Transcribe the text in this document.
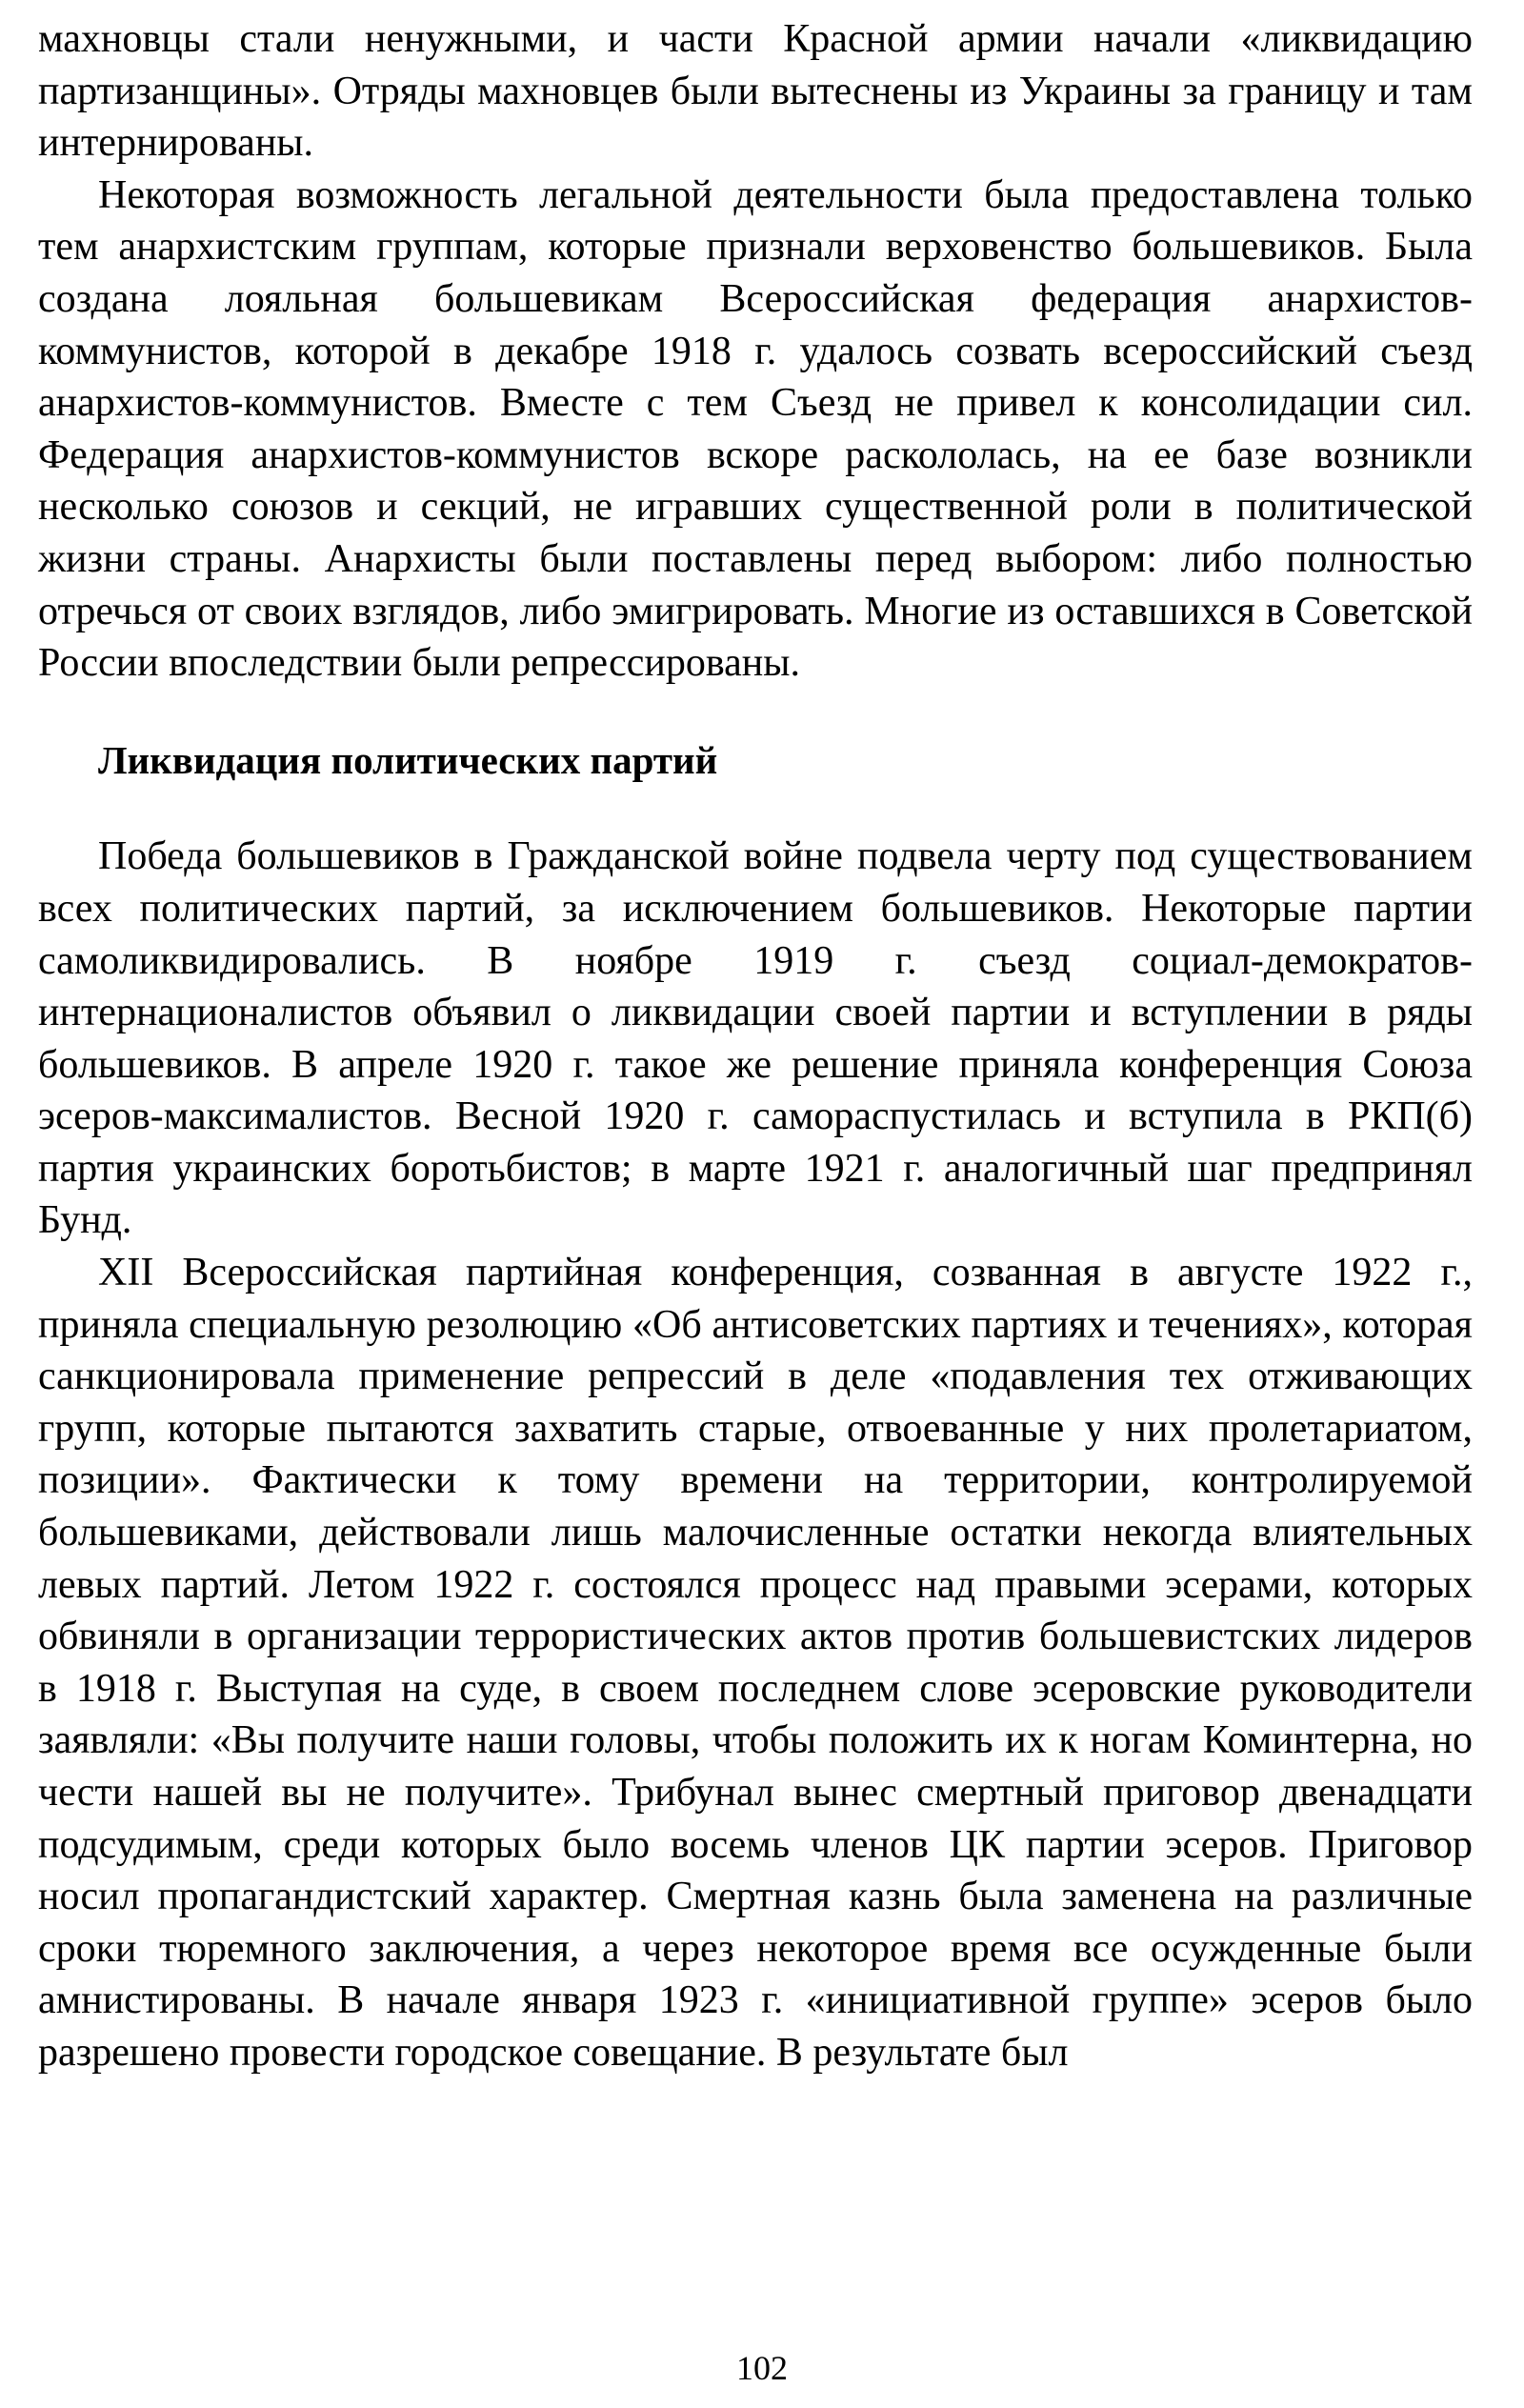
махновцы стали ненужными, и части Красной армии начали «ликвидацию партизанщины». Отряды махновцев были вытеснены из Украины за границу и там интернированы.

Некоторая возможность легальной деятельности была предоставлена только тем анархистским группам, которые признали верховенство большевиков. Была создана лояльная большевикам Всероссийская федерация анархистов-коммунистов, которой в декабре 1918 г. удалось созвать всероссийский съезд анархистов-коммунистов. Вместе с тем Съезд не привел к консолидации сил. Федерация анархистов-коммунистов вскоре раскололась, на ее базе возникли несколько союзов и секций, не игравших существенной роли в политической жизни страны. Анархисты были поставлены перед выбором: либо полностью отречься от своих взглядов, либо эмигрировать. Многие из оставшихся в Советской России впоследствии были репрессированы.

Ликвидация политических партий

Победа большевиков в Гражданской войне подвела черту под существованием всех политических партий, за исключением большевиков. Некоторые партии самоликвидировались. В ноябре 1919 г. съезд социал-демократов-интернационалистов объявил о ликвидации своей партии и вступлении в ряды большевиков. В апреле 1920 г. такое же решение приняла конференция Союза эсеров-максималистов. Весной 1920 г. самораспустилась и вступила в РКП(б) партия украинских боротьбистов; в марте 1921 г. аналогичный шаг предпринял Бунд.

XII Всероссийская партийная конференция, созванная в августе 1922 г., приняла специальную резолюцию «Об антисоветских партиях и течениях», которая санкционировала применение репрессий в деле «подавления тех отживающих групп, которые пытаются захватить старые, отвоеванные у них пролетариатом, позиции». Фактически к тому времени на территории, контролируемой большевиками, действовали лишь малочисленные остатки некогда влиятельных левых партий. Летом 1922 г. состоялся процесс над правыми эсерами, которых обвиняли в организации террористических актов против большевистских лидеров в 1918 г. Выступая на суде, в своем последнем слове эсеровские руководители заявляли: «Вы получите наши головы, чтобы положить их к ногам Коминтерна, но чести нашей вы не получите». Трибунал вынес смертный приговор двенадцати подсудимым, среди которых было восемь членов ЦК партии эсеров. Приговор носил пропагандистский характер. Смертная казнь была заменена на различные сроки тюремного заключения, а через некоторое время все осужденные были амнистированы. В начале января 1923 г. «инициативной группе» эсеров было разрешено провести городское совещание. В результате был

102
